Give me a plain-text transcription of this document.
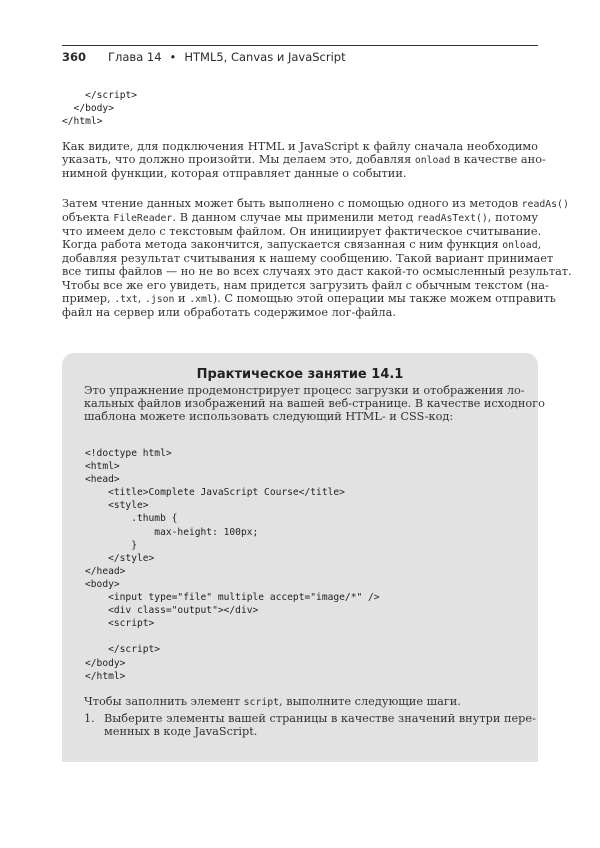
360 Глава 14 • HTML5, Canvas и JavaScript
</script>
</body>
</html>
Как видите, для подключения HTML и JavaScript к файлу сначала необходимо
указать, что должно произойти. Мы делаем это, добавляя onload в качестве ано-
нимной функции, которая отправляет данные о событии.
Затем чтение данных может быть выполнено с помощью одного из методов readAs()
объекта FileReader. В данном случае мы применили метод readAsText(), потому
что имеем дело с текстовым файлом. Он инициирует фактическое считывание.
Когда работа метода закончится, запускается связанная с ним функция onload,
добавляя результат считывания к нашему сообщению. Такой вариант принимает
все типы файлов — но не во всех случаях это даст какой-то осмысленный результат.
Чтобы все же его увидеть, нам придется загрузить файл с обычным текстом (на-
пример, .txt, .json и .xml). С помощью этой операции мы также можем отправить
файл на сервер или обработать содержимое лог-файла.
Практическое занятие 14.1
Это упражнение продемонстрирует процесс загрузки и отображения ло-
кальных файлов изображений на вашей веб-странице. В качестве исходного
шаблона можете использовать следующий HTML- и CSS-код:
<!doctype html>
<html>
<head>
<title>Complete JavaScript Course</title>
<style>
.thumb {
max-height: 100px;
}
</style>
</head>
<body>
<input type="file" multiple accept="image/*" />
<div class="output"></div>
<script>
</script>
</body>
</html>
Чтобы заполнить элемент script, выполните следующие шаги.
1. Выберите элементы вашей страницы в качестве значений внутри пере-
менных в коде JavaScript.
